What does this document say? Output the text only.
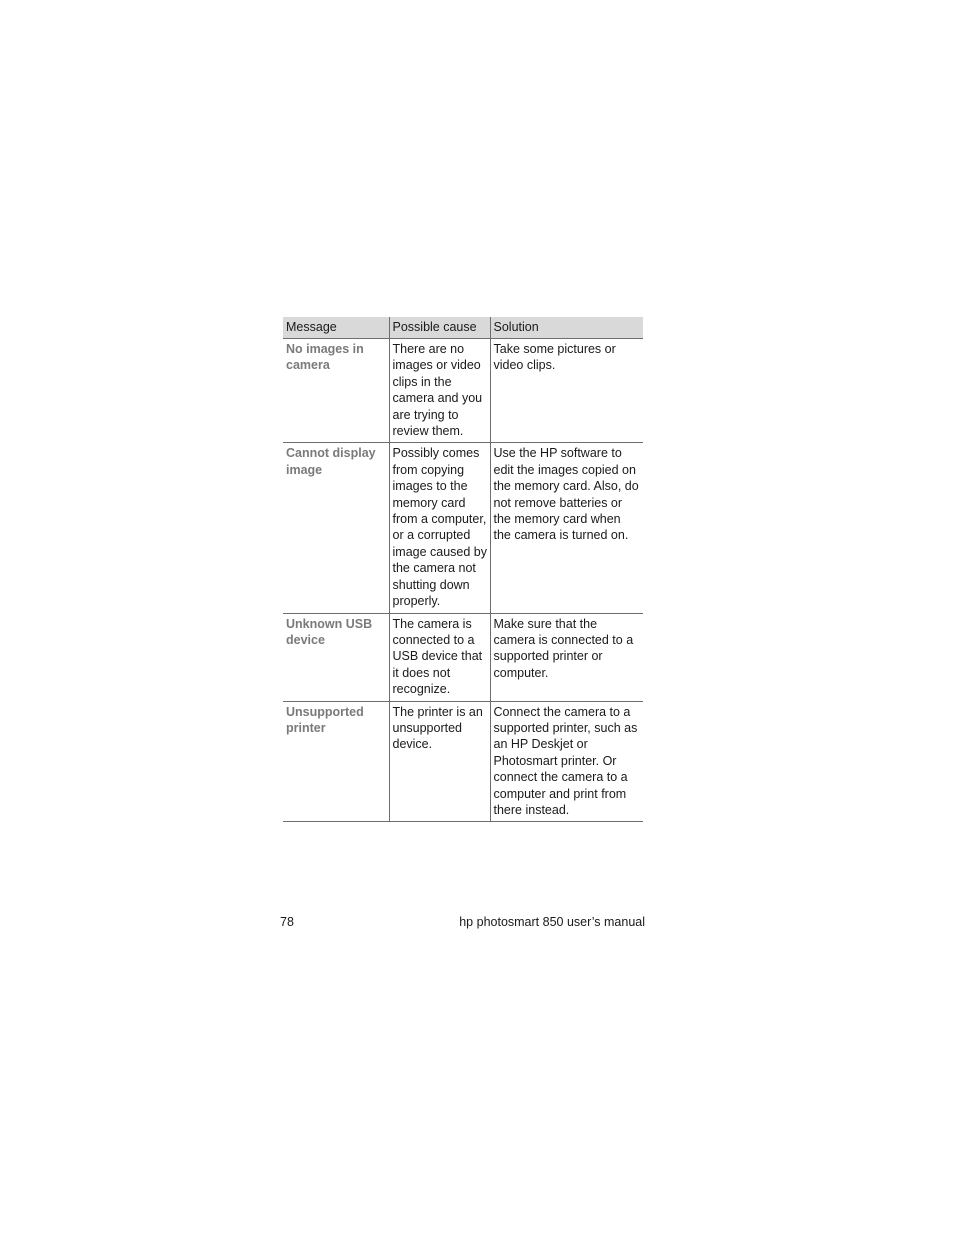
Message	Possible cause	Solution
No images in camera	There are no images or video clips in the camera and you are trying to review them.	Take some pictures or video clips.
Cannot display image	Possibly comes from copying images to the memory card from a computer, or a corrupted image caused by the camera not shutting down properly.	Use the HP software to edit the images copied on the memory card. Also, do not remove batteries or the memory card when the camera is turned on.
Unknown USB device	The camera is connected to a USB device that it does not recognize.	Make sure that the camera is connected to a supported printer or computer.
Unsupported printer	The printer is an unsupported device.	Connect the camera to a supported printer, such as an HP Deskjet or Photosmart printer. Or connect the camera to a computer and print from there instead.
78	hp photosmart 850 user’s manual
